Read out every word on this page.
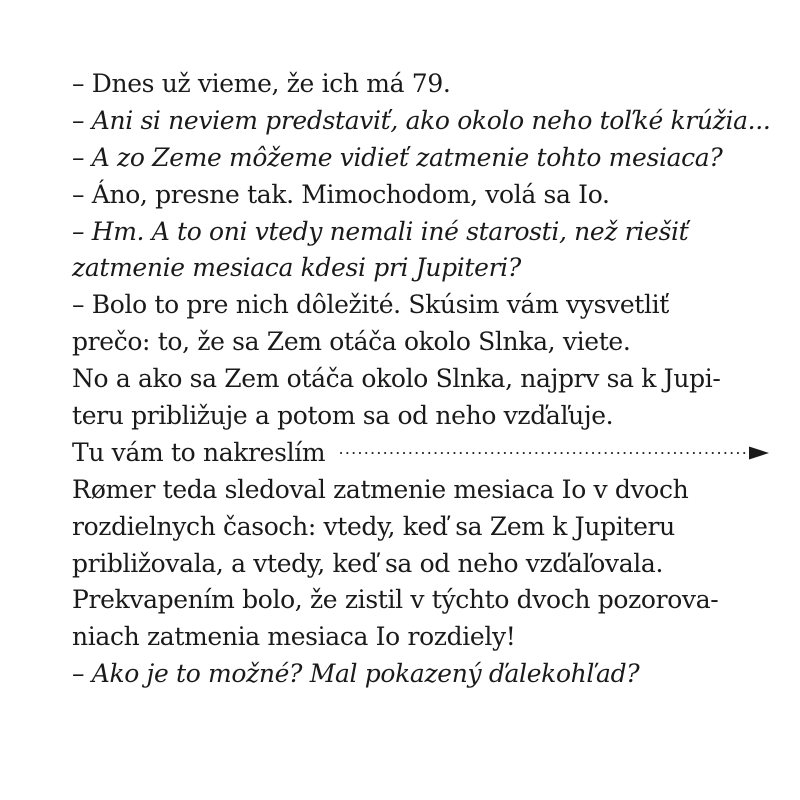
– Dnes už vieme, že ich má 79.
– Ani si neviem predstaviť, ako okolo neho toľké krúžia...
– A zo Zeme môžeme vidieť zatmenie tohto mesiaca?
– Áno, presne tak. Mimochodom, volá sa Io.
– Hm. A to oni vtedy nemali iné starosti, než riešiť
zatmenie mesiaca kdesi pri Jupiteri?
– Bolo to pre nich dôležité. Skúsim vám vysvetliť
prečo: to, že sa Zem otáča okolo Slnka, viete.
No a ako sa Zem otáča okolo Slnka, najprv sa k Jupi-
teru približuje a potom sa od neho vzďaľuje.
Tu vám to nakreslím
Rømer teda sledoval zatmenie mesiaca Io v dvoch
rozdielnych časoch: vtedy, keď sa Zem k Jupiteru
približovala, a vtedy, keď sa od neho vzďaľovala.
Prekvapením bolo, že zistil v týchto dvoch pozorova-
niach zatmenia mesiaca Io rozdiely!
– Ako je to možné? Mal pokazený ďalekohľad?
